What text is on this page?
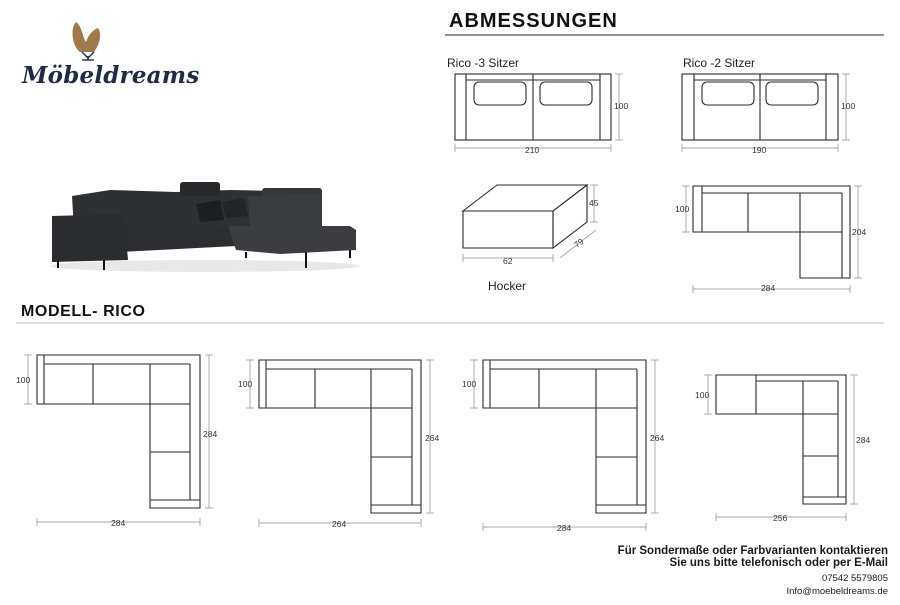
Möbeldreams
ABMESSUNGEN
MODELL- RICO
Rico -3 Sitzer	Rico -2 Sitzer
Hocker
210
100
190
100
62
79
45
284
100
204
284
100
284
264
100
264
284
100
264
256
100
284
Für Sondermaße oder Farbvarianten kontaktieren
Sie uns bitte telefonisch oder per E-Mail
07542 5579805
Info@moebeldreams.de
